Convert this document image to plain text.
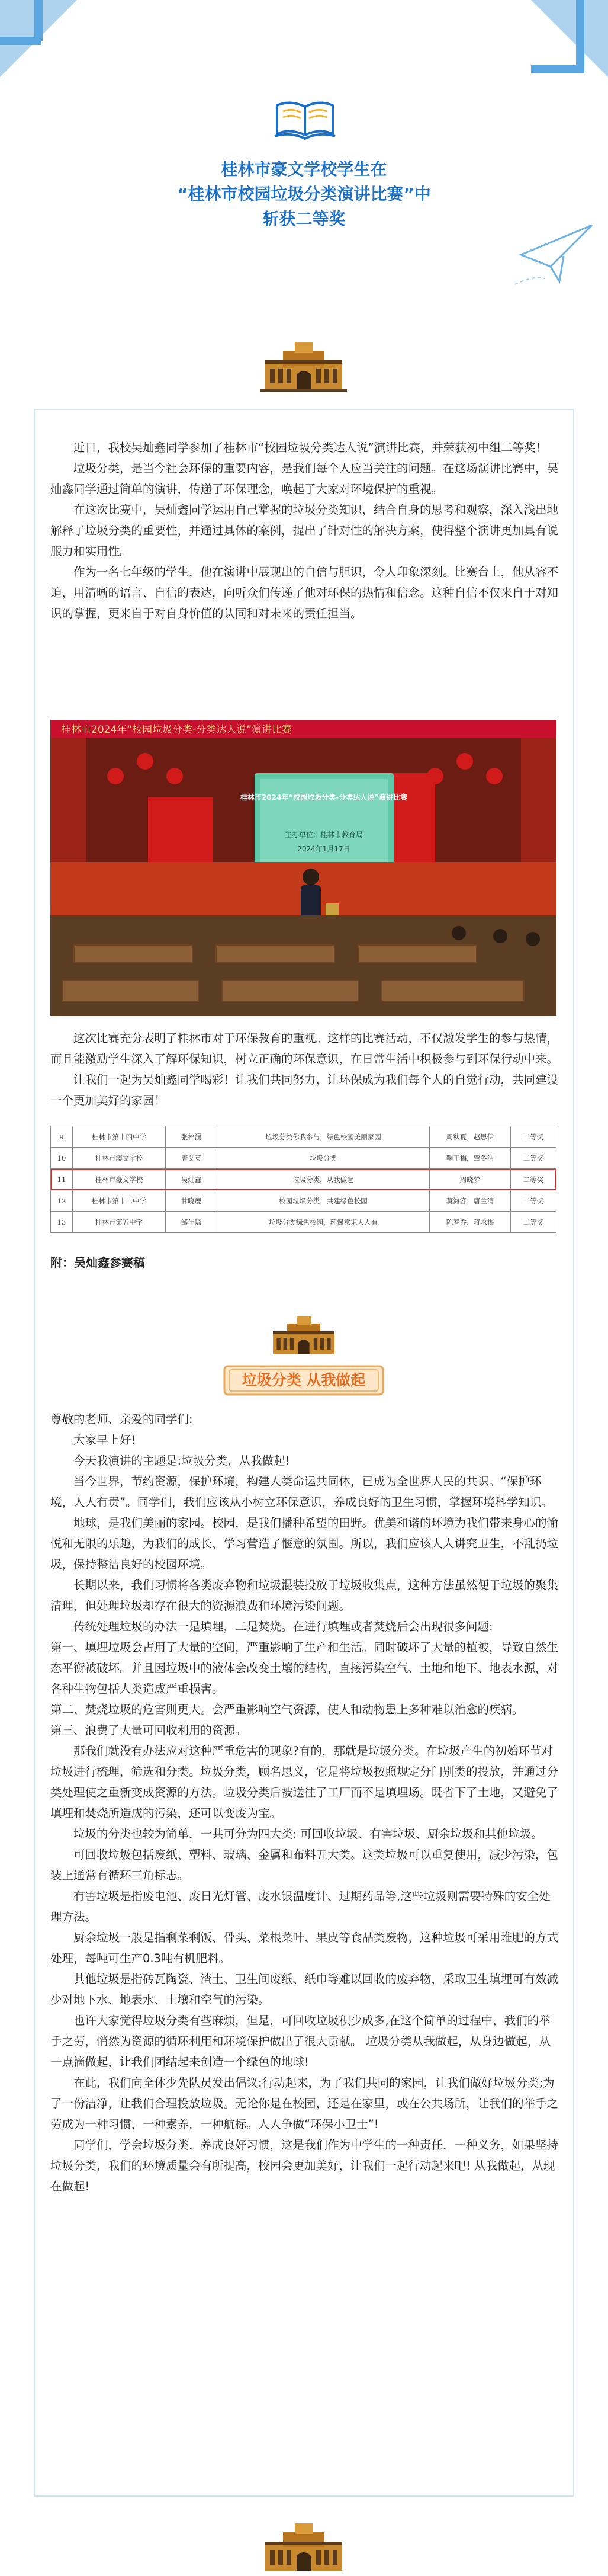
桂林市豪文学校学生在
“桂林市校园垃圾分类演讲比赛”中
斩获二等奖

近日，我校吴灿鑫同学参加了桂林市“校园垃圾分类达人说”演讲比赛，并荣获初中组二等奖！

垃圾分类，是当今社会环保的重要内容，是我们每个人应当关注的问题。在这场演讲比赛中，吴灿鑫同学通过简单的演讲，传递了环保理念，唤起了大家对环境保护的重视。

在这次比赛中，吴灿鑫同学运用自己掌握的垃圾分类知识，结合自身的思考和观察，深入浅出地解释了垃圾分类的重要性，并通过具体的案例，提出了针对性的解决方案，使得整个演讲更加具有说服力和实用性。

作为一名七年级的学生，他在演讲中展现出的自信与胆识，令人印象深刻。比赛台上，他从容不迫，用清晰的语言、自信的表达，向听众们传递了他对环保的热情和信念。这种自信不仅来自于对知识的掌握，更来自于对自身价值的认同和对未来的责任担当。

桂林市2024年“校园垃圾分类-分类达人说”演讲比赛
桂林市2024年“校园垃圾分类-分类达人说”演讲比赛
主办单位：桂林市教育局
2024年1月17日

这次比赛充分表明了桂林市对于环保教育的重视。这样的比赛活动，不仅激发学生的参与热情，而且能激励学生深入了解环保知识，树立正确的环保意识，在日常生活中积极参与到环保行动中来。

让我们一起为吴灿鑫同学喝彩！让我们共同努力，让环保成为我们每个人的自觉行动，共同建设一个更加美好的家园！

9	桂林市第十四中学	张梓涵	垃圾分类你我参与，绿色校园美丽家园	周秋夏，赵思伊	二等奖
10	桂林市澳文学校	唐艾英	垃圾分类	鞠于梅，覃冬洁	二等奖
11	桂林市豪文学校	吴灿鑫	垃圾分类，从我做起	周晓梦	二等奖
12	桂林市第十二中学	甘晓鹿	校园垃圾分类，共建绿色校园	莫海容，唐兰清	二等奖
13	桂林市第五中学	邹佳瑶	垃圾分类绿色校园，环保意识人人有	陈春乔，蒋永梅	二等奖
附：吴灿鑫参赛稿
垃圾分类 从我做起

尊敬的老师、亲爱的同学们:

大家早上好!

今天我演讲的主题是:垃圾分类，从我做起!

当今世界，节约资源，保护环境，构建人类命运共同体，已成为全世界人民的共识。“保护环境，人人有责”。同学们，我们应该从小树立环保意识，养成良好的卫生习惯，掌握环境科学知识。

地球，是我们美丽的家园。校园，是我们播种希望的田野。优美和谐的环境为我们带来身心的愉悦和无限的乐趣，为我们的成长、学习营造了惬意的氛围。所以，我们应该人人讲究卫生，不乱扔垃圾，保持整洁良好的校园环境。

长期以来，我们习惯将各类废弃物和垃圾混装投放于垃圾收集点，这种方法虽然便于垃圾的聚集清理，但处理垃圾却存在很大的资源浪费和环境污染问题。

传统处理垃圾的办法一是填埋，二是焚烧。在进行填埋或者焚烧后会出现很多问题:

第一、填埋垃圾会占用了大量的空间，严重影响了生产和生活。同时破坏了大量的植被，导致自然生态平衡被破坏。并且因垃圾中的液体会改变土壤的结构，直接污染空气、土地和地下、地表水源，对各种生物包括人类造成严重损害。

第二、焚烧垃圾的危害则更大。会严重影响空气资源，使人和动物患上多种难以治愈的疾病。

第三、浪费了大量可回收利用的资源。

那我们就没有办法应对这种严重危害的现象?有的，那就是垃圾分类。在垃圾产生的初始环节对垃圾进行梳理，筛选和分类。垃圾分类，顾名思义，它是将垃圾按照规定分门别类的投放，并通过分类处理使之重新变成资源的方法。垃圾分类后被送往了工厂而不是填埋场。既省下了土地，又避免了填埋和焚烧所造成的污染，还可以变废为宝。

垃圾的分类也较为简单，一共可分为四大类: 可回收垃圾、有害垃圾、厨余垃圾和其他垃圾。

可回收垃圾包括废纸、塑料、玻璃、金属和布料五大类。这类垃圾可以重复使用，减少污染，包装上通常有循环三角标志。

有害垃圾是指废电池、废日光灯管、废水银温度计、过期药品等,这些垃圾则需要特殊的安全处理方法。

厨余垃圾一般是指剩菜剩饭、骨头、菜根菜叶、果皮等食品类废物，这种垃圾可采用堆肥的方式处理，每吨可生产0.3吨有机肥料。

其他垃圾是指砖瓦陶瓷、渣土、卫生间废纸、纸巾等难以回收的废弃物，采取卫生填埋可有效减少对地下水、地表水、土壤和空气的污染。

也许大家觉得垃圾分类有些麻烦，但是，可回收垃圾积少成多,在这个简单的过程中，我们的举手之劳，悄然为资源的循环利用和环境保护做出了很大贡献。 垃圾分类从我做起，从身边做起，从一点滴做起，让我们团结起来创造一个绿色的地球!

在此，我们向全体少先队员发出倡议:行动起来，为了我们共同的家园，让我们做好垃圾分类;为了一份洁净，让我们合理投放垃圾。无论你是在校园，还是在家里，或在公共场所，让我们的举手之劳成为一种习惯，一种素养，一种航标。人人争做“环保小卫士”!

同学们，学会垃圾分类，养成良好习惯，这是我们作为中学生的一种责任，一种义务，如果坚持垃圾分类，我们的环境质量会有所提高，校园会更加美好，让我们一起行动起来吧! 从我做起，从现在做起!
